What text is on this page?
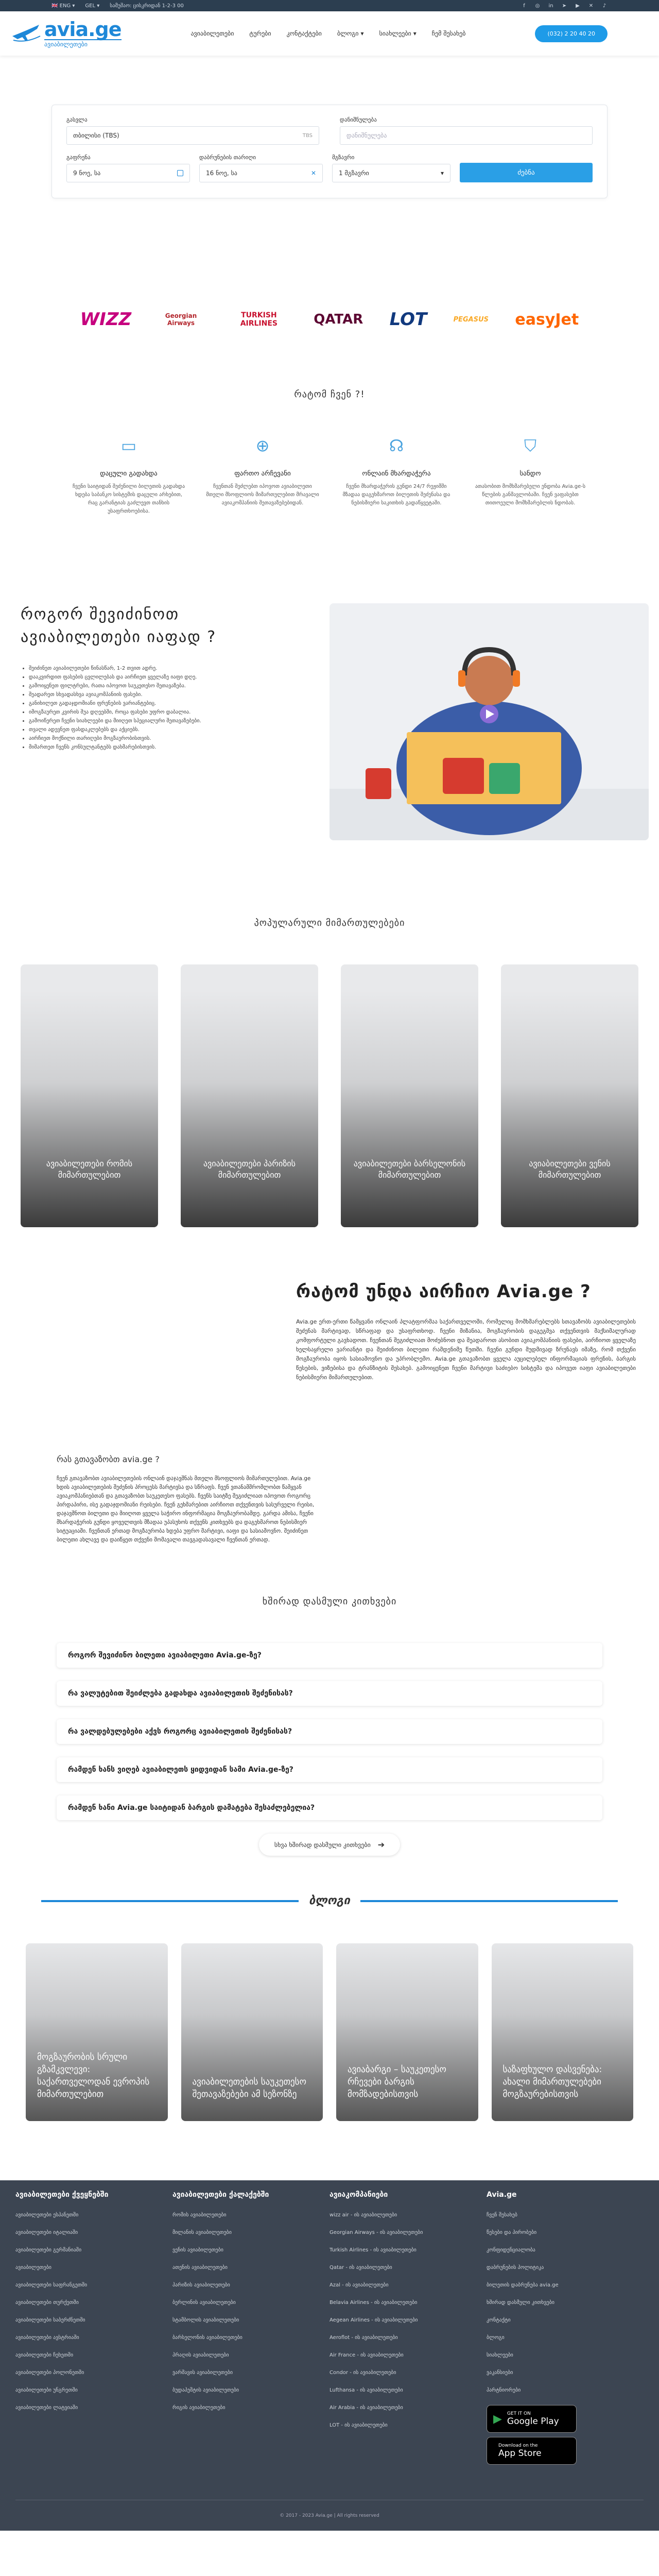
🇬🇧 ENG ▾ GEL ▾ სამუშაო: ცისკრიდან 1-2-3 00	f	◎ in ➤ ▶ ✕ ♪
avia.ge
ავიაბილეთები
ავიაბილეთები	ტურები	კონტაქტები	ბლოგი ▾	სიახლეები ▾	ჩემ შესახებ	(032) 2 20 40 20
გასვლა
თბილისი (TBS)	TBS
დანიშნულება
დანიშნულება
გაფრენა
9 ნოე, სა
დაბრუნების თარიღი
16 ნოე, სა	✕
მგზავრი
1 მგზავრი	▾	ძებნა
WIZZ	Georgian Airways
TURKISH AIRLINES	QATAR LOT	PEGASUS easyJet
რატომ ჩვენ ?!
▭
დაცული გადახდა

ჩვენი საიტიდან შეძენილი ბილეთის გადახდა ხდება საბანკო სისტემის დაცული არხებით, რაც გარანტიას გაძლევთ თანხის უსაფრთხოებისა.

⊕
ფართო არჩევანი

ჩვენთან შეძლებთ იპოვოთ ავიაბილეთი მთელი მსოფლიოს მიმართულებით მრავალი ავიაკომპანიის შეთავაზებებიდან.

☊
ონლაინ მხარდაჭერა

ჩვენი მხარდაჭერის გუნდი 24/7 რეჟიმში მზადაა დაგეხმაროთ ბილეთის შეძენასა და ნებისმიერი საკითხის გადაწყვეტაში.

⛉
სანდო

ათასობით მომხმარებელი ენდობა Avia.ge-ს წლების განმავლობაში. ჩვენ ვაფასებთ თითოეული მომხმარებლის ნდობას.

როგორ შევიძინოთ ავიაბილეთები იაფად ?
• შეიძინეთ ავიაბილეთები წინასწარ, 1-2 თვით ადრე.
• დააკვირდით ფასების ცვლილებას და აირჩიეთ ყველაზე იაფი დღე.
• გამოიყენეთ ფილტრები, რათა იპოვოთ საუკეთესო შეთავაზება.
• შეადარეთ სხვადასხვა ავიაკომპანიის ფასები.
• განიხილეთ გადაჯდომიანი ფრენების ვარიანტებიც.
• იმოგზაურეთ კვირის შუა დღეებში, როცა ფასები უფრო დაბალია.
• გამოიწერეთ ჩვენი სიახლეები და მიიღეთ სპეციალური შეთავაზებები.
• თვალი ადევნეთ ფასდაკლებებს და აქციებს.
• აირჩიეთ მოქნილი თარიღები მოგზაურობისთვის.
• მიმართეთ ჩვენს კონსულტანტებს დახმარებისთვის.
პოპულარული მიმართულებები
ავიაბილეთები რომის მიმართულებით
ავიაბილეთები პარიზის მიმართულებით
ავიაბილეთები ბარსელონის მიმართულებით
ავიაბილეთები ვენის მიმართულებით
რატომ უნდა აირჩიო Avia.ge ?

Avia.ge ერთ-ერთი წამყვანი ონლაინ პლატფორმაა საქართველოში, რომელიც მომხმარებლებს სთავაზობს ავიაბილეთების შეძენას მარტივად, სწრაფად და უსაფრთხოდ. ჩვენი მიზანია, მოგზაურობის დაგეგმვა თქვენთვის მაქსიმალურად კომფორტული გავხადოთ. ჩვენთან შეგიძლიათ მოძებნოთ და შეადაროთ ასობით ავიაკომპანიის ფასები, აირჩიოთ ყველაზე ხელსაყრელი ვარიანტი და შეიძინოთ ბილეთი რამდენიმე წუთში. ჩვენი გუნდი მუდმივად ზრუნავს იმაზე, რომ თქვენი მოგზაურობა იყოს სასიამოვნო და უპრობლემო. Avia.ge გთავაზობთ ყველა აუცილებელ ინფორმაციას ფრენის, ბარგის წესების, ვიზებისა და ტრანზიტის შესახებ. გამოიყენეთ ჩვენი მარტივი საძიებო სისტემა და იპოვეთ იაფი ავიაბილეთები ნებისმიერი მიმართულებით.

რას გთავაზობთ avia.ge ?

ჩვენ გთავაზობთ ავიაბილეთების ონლაინ დაჯავშნას მთელი მსოფლიოს მიმართულებით. Avia.ge ხდის ავიაბილეთების შეძენის პროცესს მარტივსა და სწრაფს. ჩვენ ვთანამშრომლობთ წამყვან ავიაკომპანიებთან და გთავაზობთ საუკეთესო ფასებს. ჩვენს საიტზე შეგიძლიათ იპოვოთ როგორც პირდაპირი, ისე გადაჯდომიანი რეისები. ჩვენ გეხმარებით აირჩიოთ თქვენთვის სასურველი რეისი, დაჯავშნოთ ბილეთი და მიიღოთ ყველა საჭირო ინფორმაცია მოგზაურობამდე. გარდა ამისა, ჩვენი მხარდაჭერის გუნდი ყოველთვის მზადაა უპასუხოს თქვენს კითხვებს და დაგეხმაროთ ნებისმიერ სიტუაციაში. ჩვენთან ერთად მოგზაურობა ხდება უფრო მარტივი, იაფი და სასიამოვნო. შეიძინეთ ბილეთი ახლავე და დაიწყეთ თქვენი მომავალი თავგადასავალი ჩვენთან ერთად.

ხშირად დასმული კითხვები
როგორ შევიძინო ბილეთი ავიაბილეთი Avia.ge-ზე?
რა ვალუტებით შეიძლება გადახდა ავიაბილეთის შეძენისას?
რა ვალდებულებები აქვს როგორც ავიაბილეთის შეძენისას?
რამდენ ხანს ვიღებ ავიაბილეთს ყიდვიდან სამი Avia.ge-ზე?
რამდენ ხანი Avia.ge საიტიდან ბარგის დამატება შესაძლებელია?
სხვა ხშირად დასმული კითხვები ➔
ბლოგი
მოგზაურობის სრული გზამკვლევი: საქართველოდან ევროპის მიმართულებით
ავიაბილეთების საუკეთესო შეთავაზებები ამ სეზონზე
ავიაბარგი – საუკეთესო რჩევები ბარგის მომზადებისთვის
საზაფხულო დასვენება: ახალი მიმართულებები მოგზაურებისთვის
ავიაბილეთები ქვეყნებში
ავიაბილეთები ესპანეთში
ავიაბილეთები იტალიაში
ავიაბილეთები გერმანიაში
ავიაბილეთები
ავიაბილეთები საფრანგეთში
ავიაბილეთები თურქეთში
ავიაბილეთები საბერძნეთში
ავიაბილეთები ავსტრიაში
ავიაბილეთები ჩეხეთში
ავიაბილეთები პოლონეთში
ავიაბილეთები უნგრეთში
ავიაბილეთები ლატვიაში
ავიაბილეთები ქალაქებში
რომის ავიაბილეთები
მილანის ავიაბილეთები
ვენის ავიაბილეთები
ათენის ავიაბილეთები
პარიზის ავიაბილეთები
ბერლინის ავიაბილეთები
სტამბოლის ავიაბილეთები
ბარსელონის ავიაბილეთები
პრაღის ავიაბილეთები
ვარშავის ავიაბილეთები
ბუდაპეშტის ავიაბილეთები
რიგის ავიაბილეთები
ავიაკომპანიები
wizz air - ის ავიაბილეთები
Georgian Airways - ის ავიაბილეთები
Turkish Airlines - ის ავიაბილეთები
Qatar - ის ავიაბილეთები
Azal - ის ავიაბილეთები
Belavia Airlines - ის ავიაბილეთები
Aegean Airlines - ის ავიაბილეთები
Aeroflot - ის ავიაბილეთები
Air France - ის ავიაბილეთები
Condor - ის ავიაბილეთები
Lufthansa - ის ავიაბილეთები
Air Arabia - ის ავიაბილეთები
LOT - ის ავიაბილეთები
Avia.ge
ჩვენ შესახებ
წესები და პირობები
კონფიდენციალობა
დაბრუნების პოლიტიკა
ბილეთის დაბრუნება avia.ge
ხშირად დასმული კითხვები
კონტაქტი
ბლოგი
სიახლეები
ვაკანსიები
პარტნიორები
▶ GET IT ON
Google Play
Download on the
App Store
© 2017 - 2023 Avia.ge | All rights reserved
